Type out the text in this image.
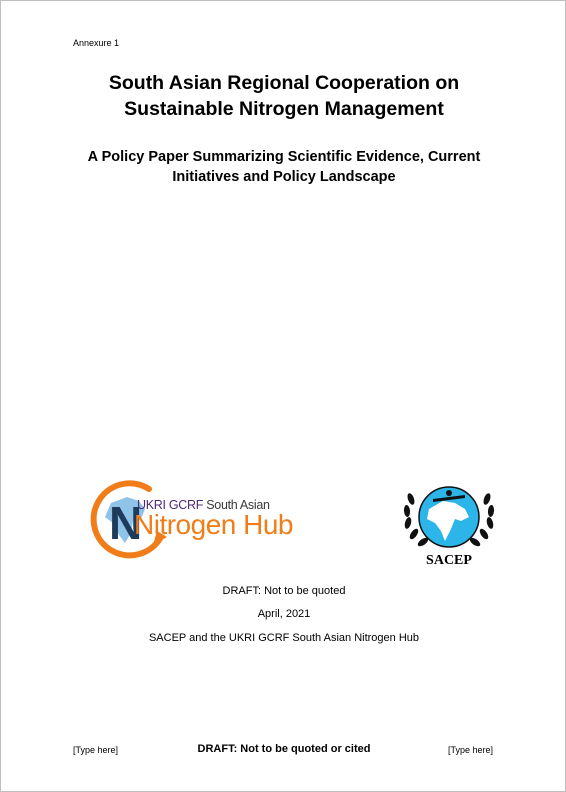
Annexure 1
South Asian Regional Cooperation on
Sustainable Nitrogen Management
A Policy Paper Summarizing Scientific Evidence, Current
Initiatives and Policy Landscape
N
UKRI GCRF South Asian
Nitrogen Hub
SACEP
DRAFT: Not to be quoted
April, 2021
SACEP and the UKRI GCRF South Asian Nitrogen Hub
[Type here]	DRAFT: Not to be quoted or cited	[Type here]
